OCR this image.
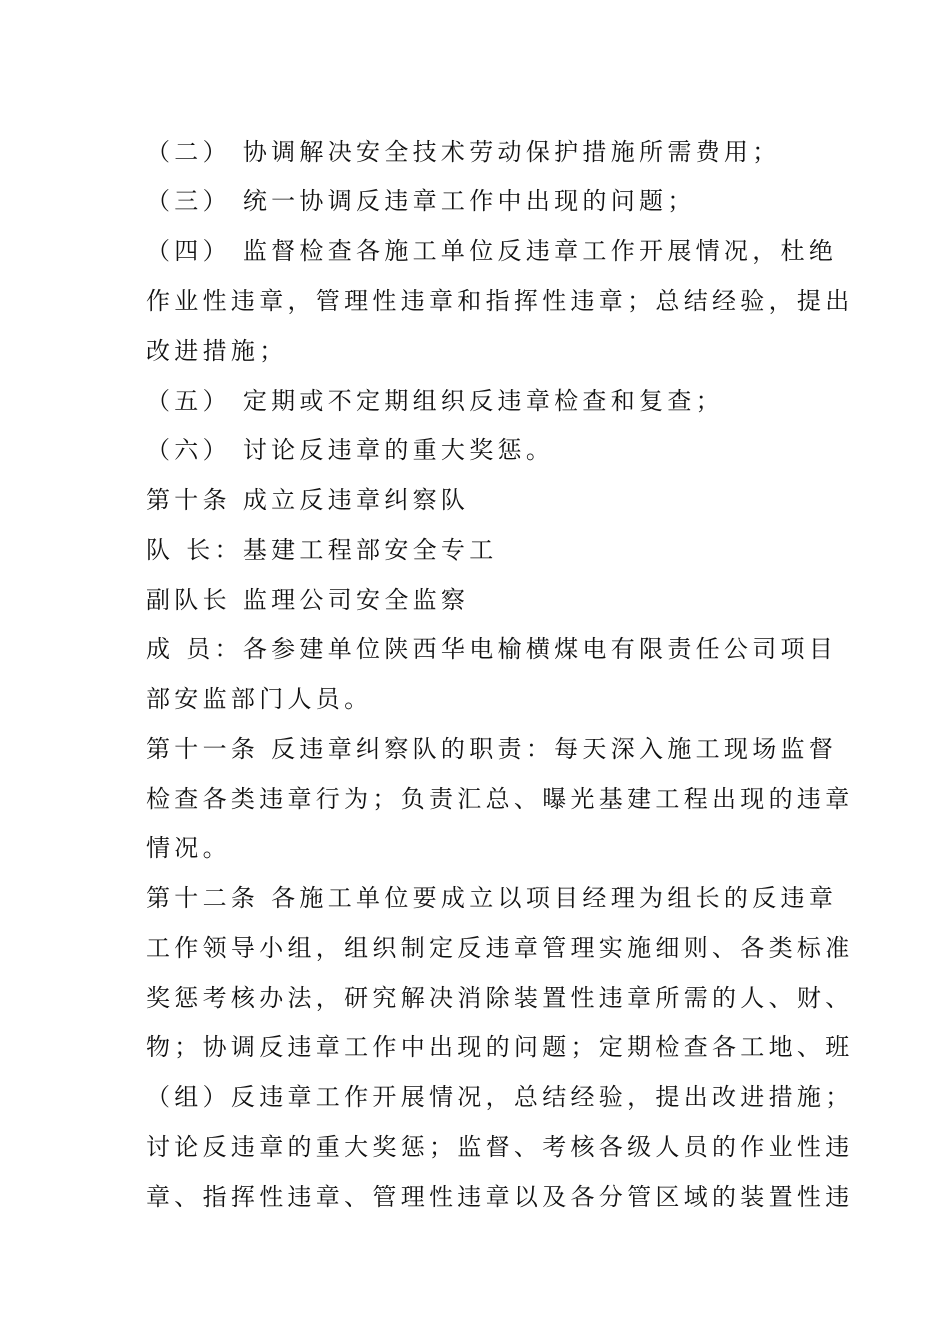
（二） 协调解决安全技术劳动保护措施所需费用；
（三） 统一协调反违章工作中出现的问题；
（四） 监督检查各施工单位反违章工作开展情况，杜绝
作业性违章，管理性违章和指挥性违章；总结经验，提出
改进措施；
（五） 定期或不定期组织反违章检查和复查；
（六） 讨论反违章的重大奖惩。
第十条 成立反违章纠察队
队 长：基建工程部安全专工
副队长 监理公司安全监察
成 员：各参建单位陕西华电榆横煤电有限责任公司项目
部安监部门人员。
第十一条 反违章纠察队的职责：每天深入施工现场监督
检查各类违章行为；负责汇总、曝光基建工程出现的违章
情况。
第十二条 各施工单位要成立以项目经理为组长的反违章
工作领导小组，组织制定反违章管理实施细则、各类标准
奖惩考核办法，研究解决消除装置性违章所需的人、财、
物；协调反违章工作中出现的问题；定期检查各工地、班
（组）反违章工作开展情况，总结经验，提出改进措施；
讨论反违章的重大奖惩；监督、考核各级人员的作业性违
章、指挥性违章、管理性违章以及各分管区域的装置性违
